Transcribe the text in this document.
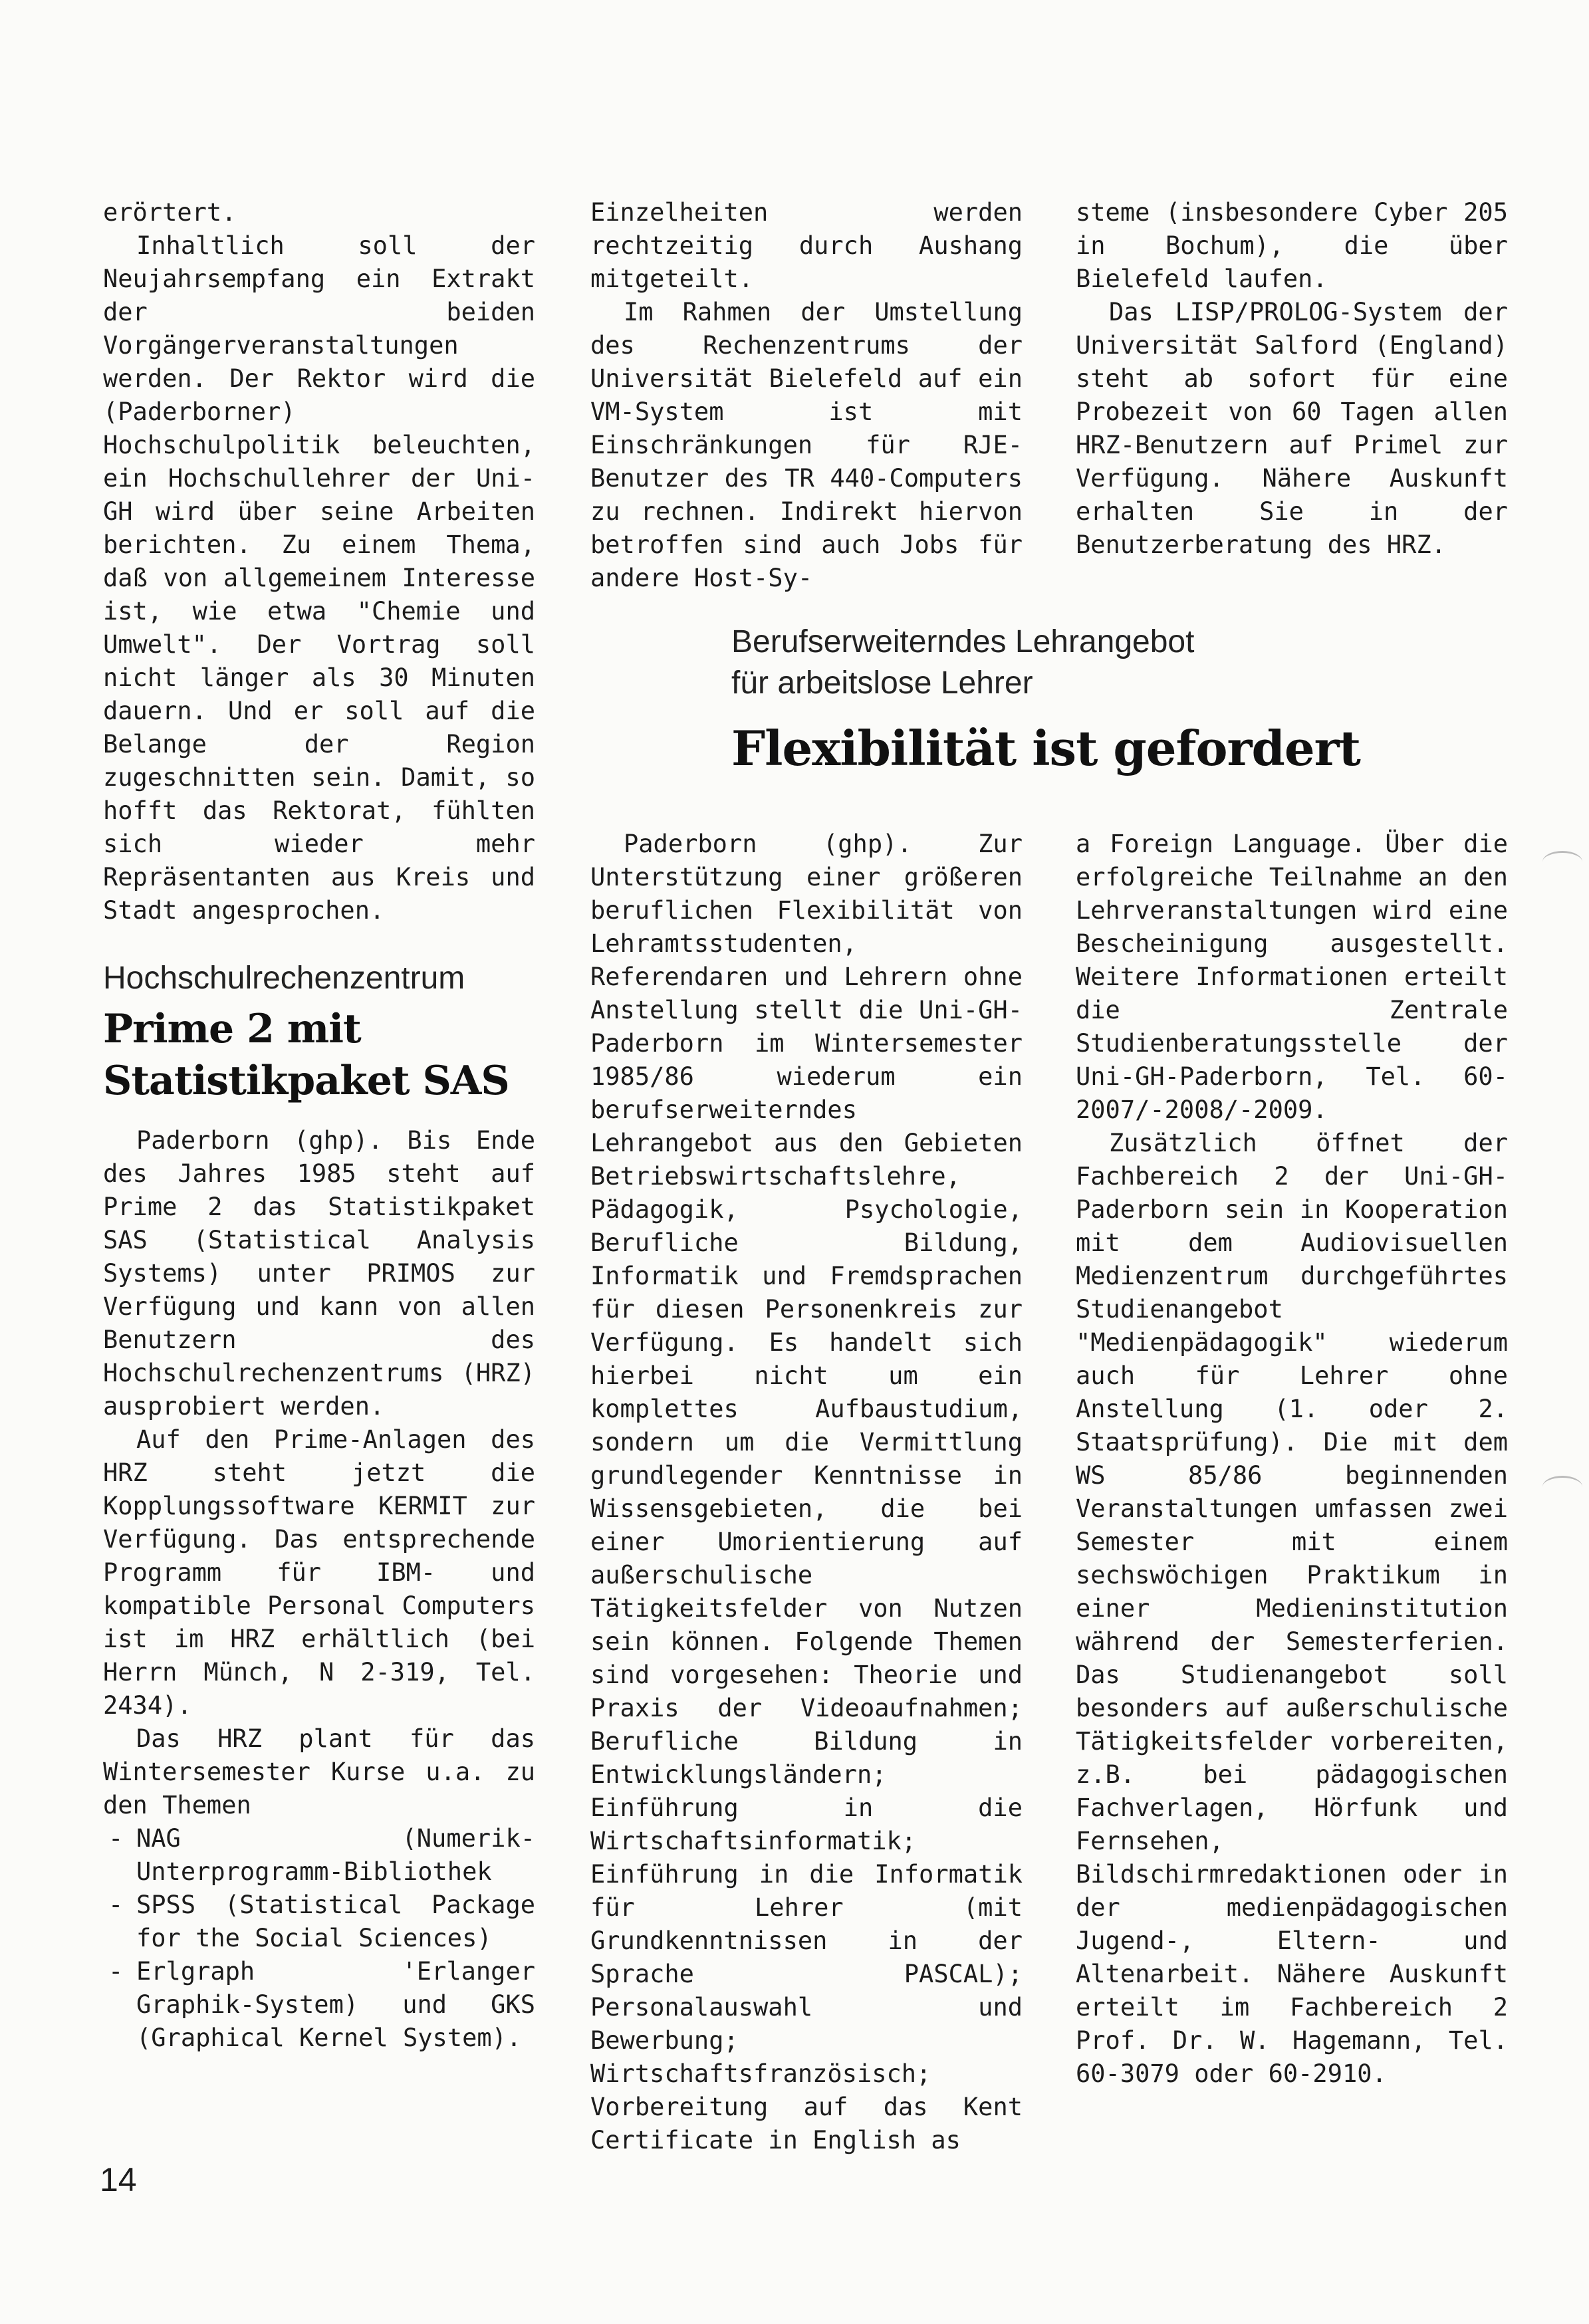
erörtert.

Inhaltlich soll der Neujahrsempfang ein Extrakt der beiden Vorgängerveranstaltungen werden. Der Rektor wird die (Paderborner) Hochschulpolitik beleuchten, ein Hochschullehrer der Uni-GH wird über seine Arbeiten berichten. Zu einem Thema, daß von allgemeinem Interesse ist, wie etwa "Chemie und Umwelt". Der Vortrag soll nicht länger als 30 Minuten dauern. Und er soll auf die Belange der Region zugeschnitten sein. Damit, so hofft das Rektorat, fühlten sich wieder mehr Repräsentanten aus Kreis und Stadt angesprochen.

Hochschulrechenzentrum
Prime 2 mit Statistikpaket SAS

Paderborn (ghp). Bis Ende des Jahres 1985 steht auf Prime 2 das Statistikpaket SAS (Statistical Analysis Systems) unter PRIMOS zur Verfügung und kann von allen Benutzern des Hochschulrechenzentrums (HRZ) ausprobiert werden.

Auf den Prime-Anlagen des HRZ steht jetzt die Kopplungssoftware KERMIT zur Verfügung. Das entsprechende Programm für IBM- und kompatible Personal Computers ist im HRZ erhältlich (bei Herrn Münch, N 2-319, Tel. 2434).

Das HRZ plant für das Wintersemester Kurse u.a. zu den Themen

- NAG (Numerik-Unterprogramm-Bibliothek
- SPSS (Statistical Package for the Social Sciences)
- Erlgraph 'Erlanger Graphik-System) und GKS (Graphical Kernel System).

Einzelheiten werden rechtzeitig durch Aushang mitgeteilt.

Im Rahmen der Umstellung des Rechenzentrums der Universität Bielefeld auf ein VM-System ist mit Einschränkungen für RJE-Benutzer des TR 440-Computers zu rechnen. Indirekt hiervon betroffen sind auch Jobs für andere Host-Sy-

steme (insbesondere Cyber 205 in Bochum), die über Bielefeld laufen.

Das LISP/PROLOG-System der Universität Salford (England) steht ab sofort für eine Probezeit von 60 Tagen allen HRZ-Benutzern auf Primel zur Verfügung. Nähere Auskunft erhalten Sie in der Benutzerberatung des HRZ.

Berufserweiterndes Lehrangebot
für arbeitslose Lehrer
Flexibilität ist gefordert

Paderborn (ghp). Zur Unterstützung einer größeren beruflichen Flexibilität von Lehramtsstudenten, Referendaren und Lehrern ohne Anstellung stellt die Uni-GH-Paderborn im Wintersemester 1985/86 wiederum ein berufserweiterndes Lehrangebot aus den Gebieten Betriebswirtschaftslehre, Pädagogik, Psychologie, Berufliche Bildung, Informatik und Fremdsprachen für diesen Personenkreis zur Verfügung. Es handelt sich hierbei nicht um ein komplettes Aufbaustudium, sondern um die Vermittlung grundlegender Kenntnisse in Wissensgebieten, die bei einer Umorientierung auf außerschulische Tätigkeitsfelder von Nutzen sein können. Folgende Themen sind vorgesehen: Theorie und Praxis der Videoaufnahmen; Berufliche Bildung in Entwicklungsländern; Einführung in die Wirtschaftsinformatik; Einführung in die Informatik für Lehrer (mit Grundkenntnissen in der Sprache PASCAL); Personalauswahl und Bewerbung; Wirtschaftsfranzösisch; Vorbereitung auf das Kent Certificate in English as

a Foreign Language. Über die erfolgreiche Teilnahme an den Lehrveranstaltungen wird eine Bescheinigung ausgestellt. Weitere Informationen erteilt die Zentrale Studienberatungsstelle der Uni-GH-Paderborn, Tel. 60-2007/-2008/-2009.

Zusätzlich öffnet der Fachbereich 2 der Uni-GH-Paderborn sein in Kooperation mit dem Audiovisuellen Medienzentrum durchgeführtes Studienangebot "Medienpädagogik" wiederum auch für Lehrer ohne Anstellung (1. oder 2. Staatsprüfung). Die mit dem WS 85/86 beginnenden Veranstaltungen umfassen zwei Semester mit einem sechswöchigen Praktikum in einer Medieninstitution während der Semesterferien. Das Studienangebot soll besonders auf außerschulische Tätigkeitsfelder vorbereiten, z.B. bei pädagogischen Fachverlagen, Hörfunk und Fernsehen, Bildschirmredaktionen oder in der medienpädagogischen Jugend-, Eltern- und Altenarbeit. Nähere Auskunft erteilt im Fachbereich 2 Prof. Dr. W. Hagemann, Tel. 60-3079 oder 60-2910.

14
